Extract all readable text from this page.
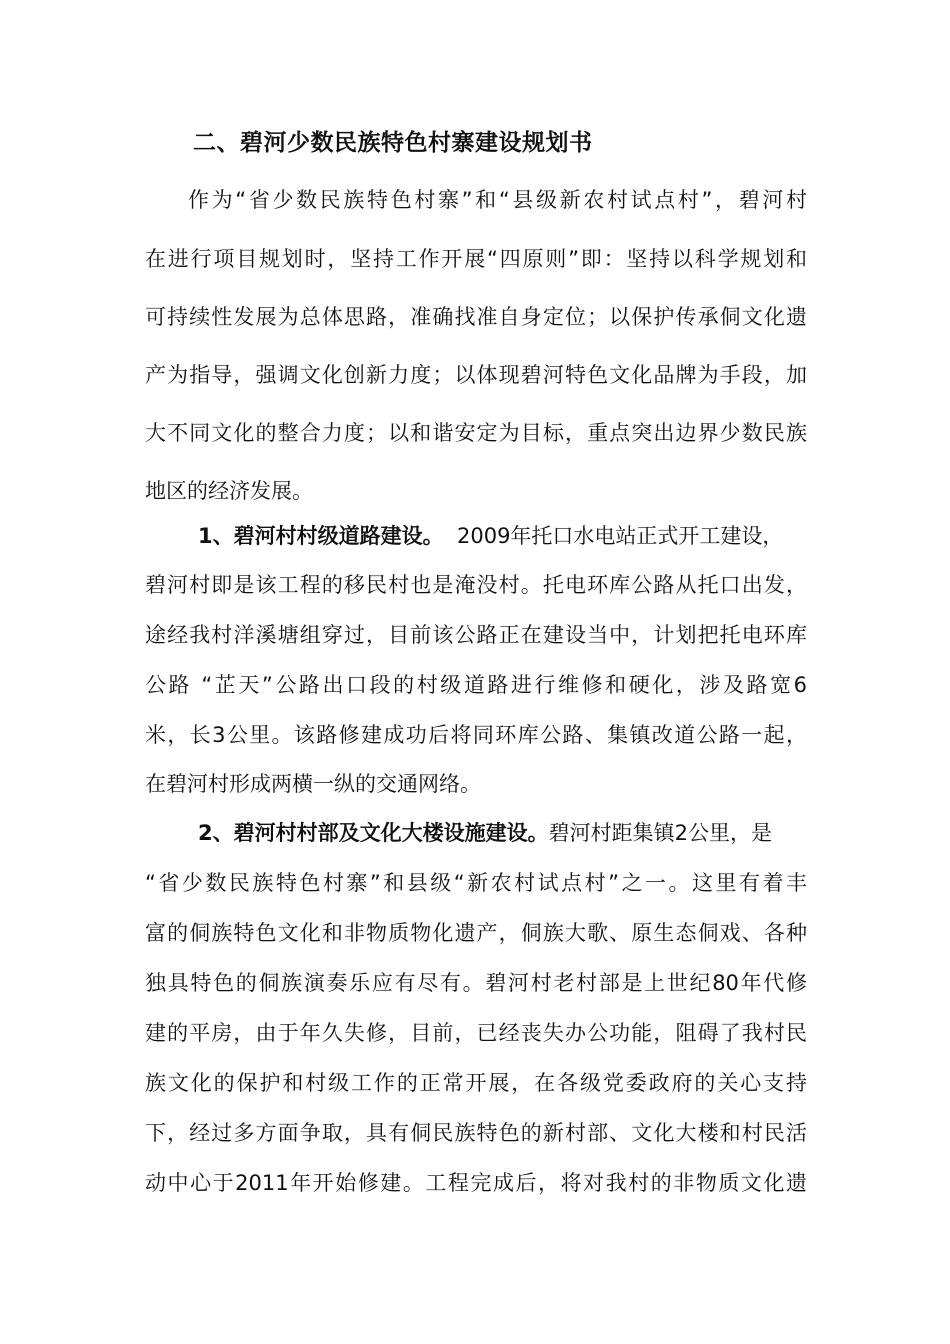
二、碧河少数民族特色村寨建设规划书
作为“省少数民族特色村寨”和“县级新农村试点村”，碧河村
在进行项目规划时，坚持工作开展“四原则”即：坚持以科学规划和
可持续性发展为总体思路，准确找准自身定位；以保护传承侗文化遗
产为指导，强调文化创新力度；以体现碧河特色文化品牌为手段，加
大不同文化的整合力度；以和谐安定为目标，重点突出边界少数民族
地区的经济发展。
1、碧河村村级道路建设。 2009年托口水电站正式开工建设，
碧河村即是该工程的移民村也是淹没村。托电环库公路从托口出发，
途经我村洋溪塘组穿过，目前该公路正在建设当中，计划把托电环库
公路 “芷天”公路出口段的村级道路进行维修和硬化，涉及路宽6
米，长3公里。该路修建成功后将同环库公路、集镇改道公路一起，
在碧河村形成两横一纵的交通网络。
2、碧河村村部及文化大楼设施建设。碧河村距集镇2公里，是
“省少数民族特色村寨”和县级“新农村试点村”之一。这里有着丰
富的侗族特色文化和非物质物化遗产，侗族大歌、原生态侗戏、各种
独具特色的侗族演奏乐应有尽有。碧河村老村部是上世纪80年代修
建的平房，由于年久失修，目前，已经丧失办公功能，阻碍了我村民
族文化的保护和村级工作的正常开展，在各级党委政府的关心支持
下，经过多方面争取，具有侗民族特色的新村部、文化大楼和村民活
动中心于2011年开始修建。工程完成后，将对我村的非物质文化遗
